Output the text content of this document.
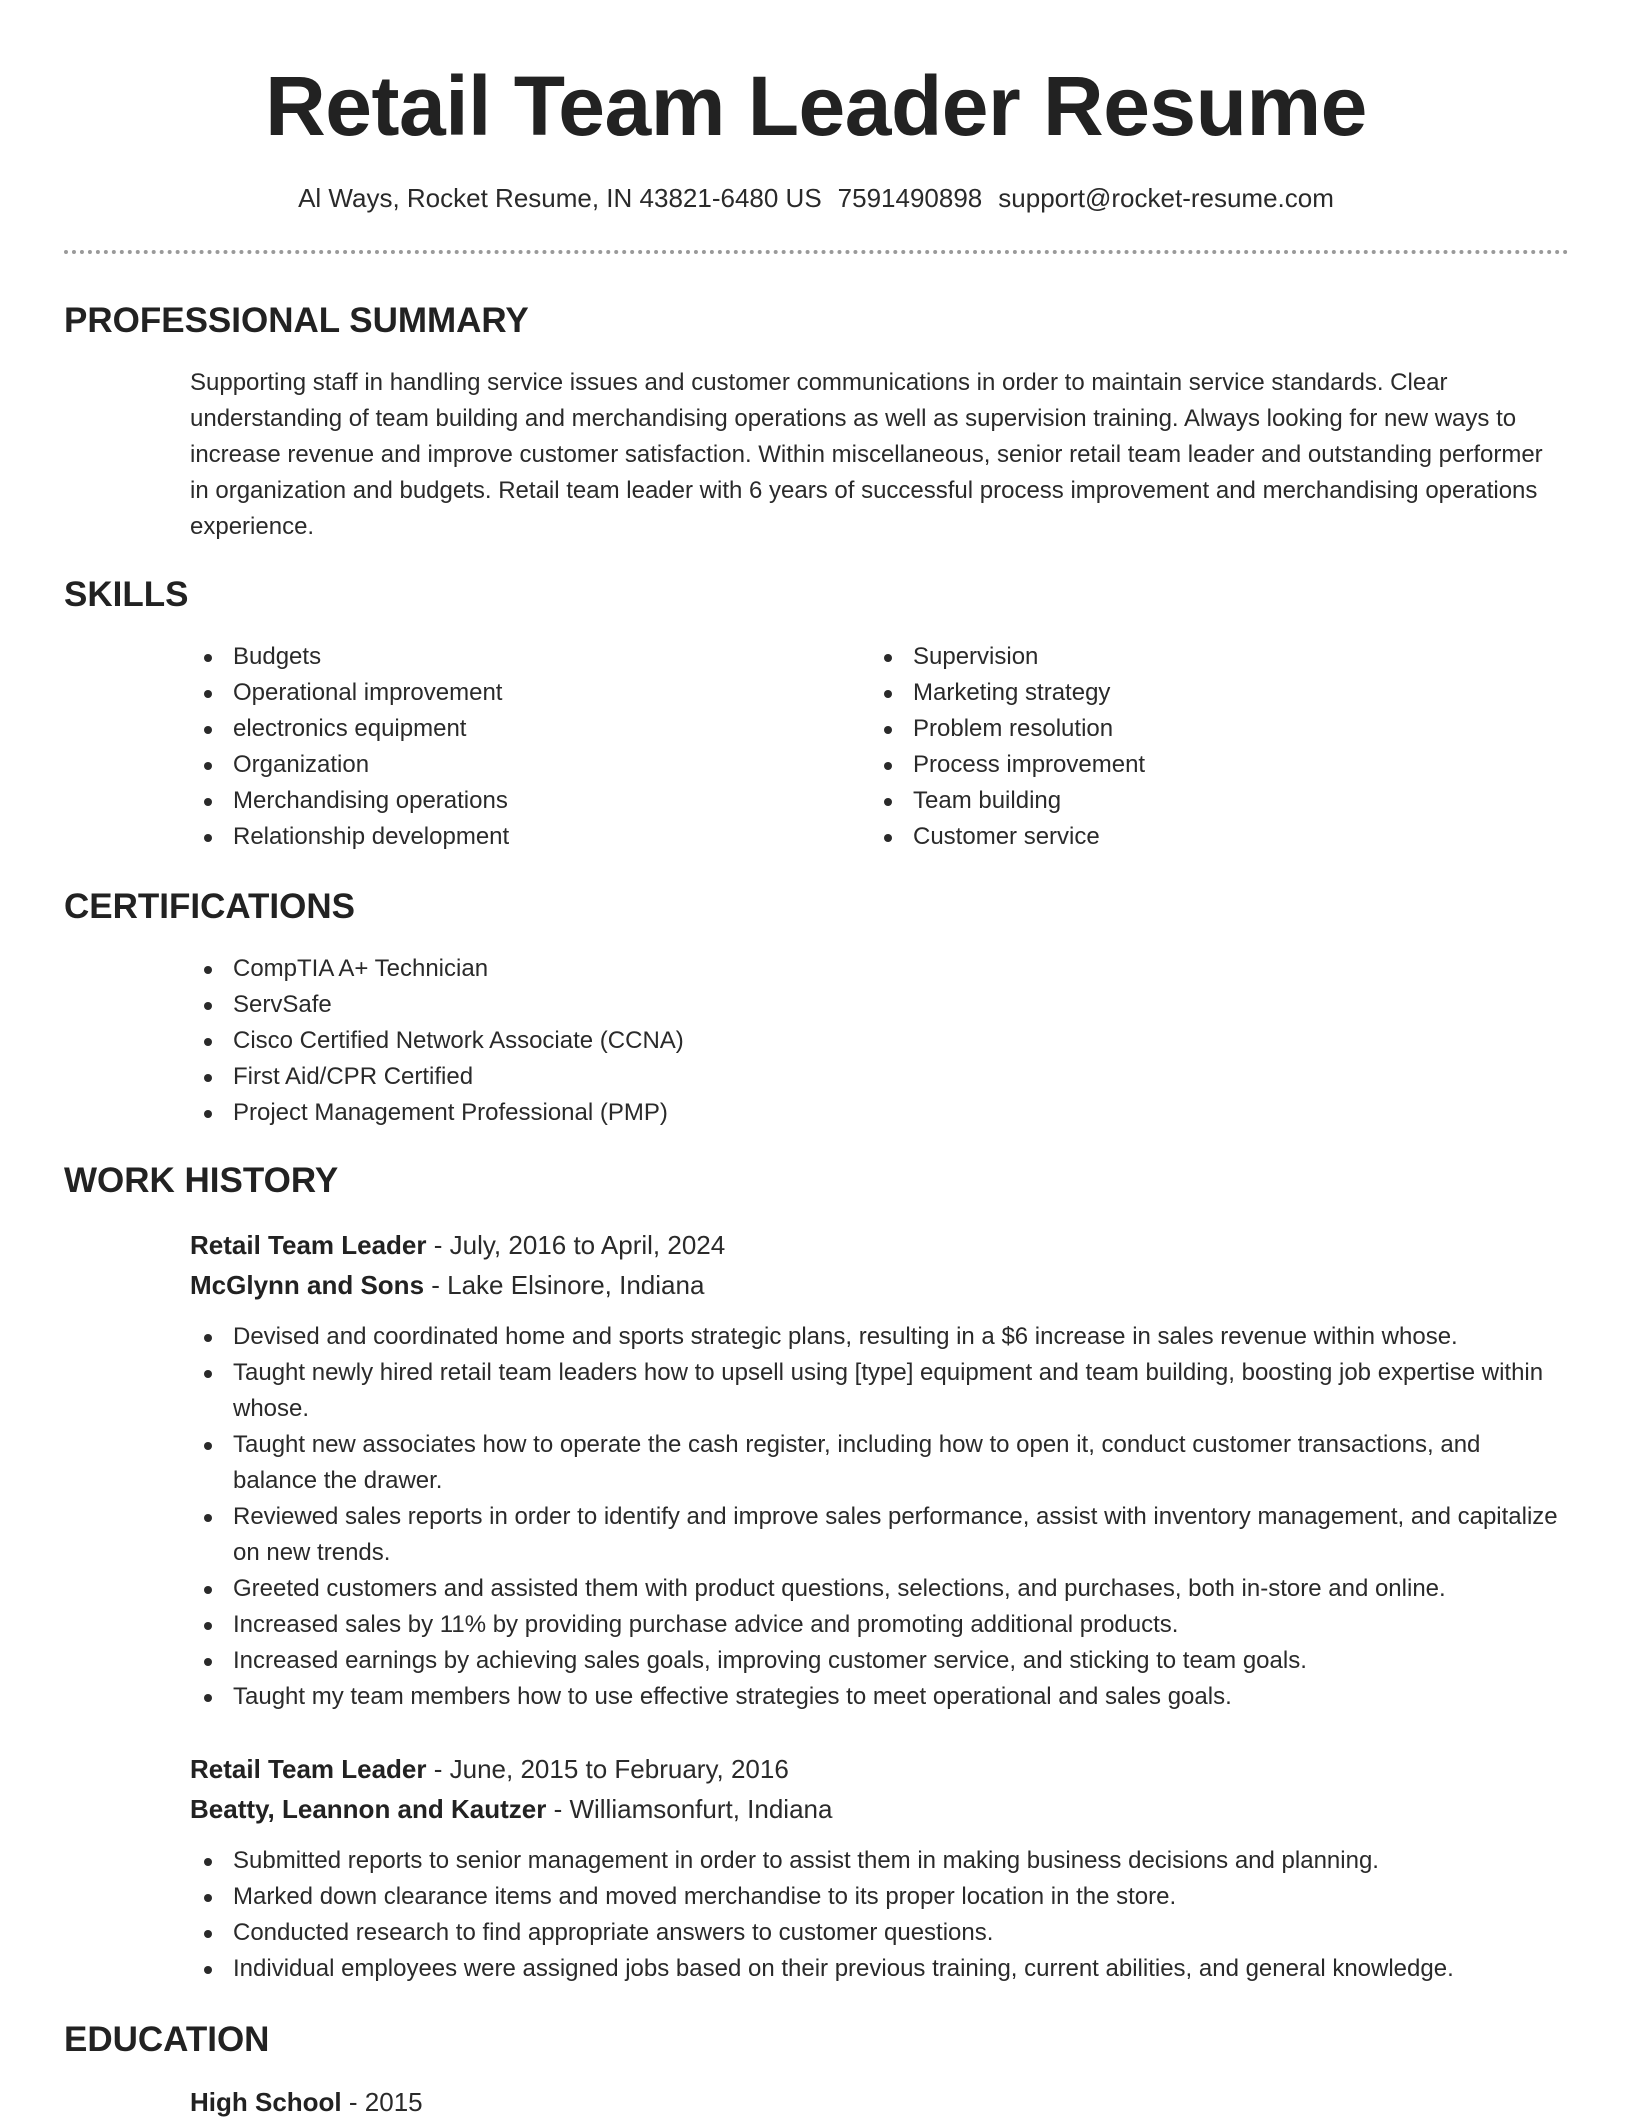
Retail Team Leader Resume
Al Ways, Rocket Resume, IN 43821-6480 US 7591490898 support@rocket-resume.com
PROFESSIONAL SUMMARY
Supporting staff in handling service issues and customer communications in order to maintain service standards. Clear understanding of team building and merchandising operations as well as supervision training. Always looking for new ways to increase revenue and improve customer satisfaction. Within miscellaneous, senior retail team leader and outstanding performer in organization and budgets. Retail team leader with 6 years of successful process improvement and merchandising operations experience.
SKILLS
Budgets
Operational improvement
electronics equipment
Organization
Merchandising operations
Relationship development
Supervision
Marketing strategy
Problem resolution
Process improvement
Team building
Customer service
CERTIFICATIONS
CompTIA A+ Technician
ServSafe
Cisco Certified Network Associate (CCNA)
First Aid/CPR Certified
Project Management Professional (PMP)
WORK HISTORY
Retail Team Leader - July, 2016 to April, 2024
McGlynn and Sons - Lake Elsinore, Indiana
Devised and coordinated home and sports strategic plans, resulting in a $6 increase in sales revenue within whose.
Taught newly hired retail team leaders how to upsell using [type] equipment and team building, boosting job expertise within whose.
Taught new associates how to operate the cash register, including how to open it, conduct customer transactions, and balance the drawer.
Reviewed sales reports in order to identify and improve sales performance, assist with inventory management, and capitalize on new trends.
Greeted customers and assisted them with product questions, selections, and purchases, both in-store and online.
Increased sales by 11% by providing purchase advice and promoting additional products.
Increased earnings by achieving sales goals, improving customer service, and sticking to team goals.
Taught my team members how to use effective strategies to meet operational and sales goals.
Retail Team Leader - June, 2015 to February, 2016
Beatty, Leannon and Kautzer - Williamsonfurt, Indiana
Submitted reports to senior management in order to assist them in making business decisions and planning.
Marked down clearance items and moved merchandise to its proper location in the store.
Conducted research to find appropriate answers to customer questions.
Individual employees were assigned jobs based on their previous training, current abilities, and general knowledge.
EDUCATION
High School - 2015
